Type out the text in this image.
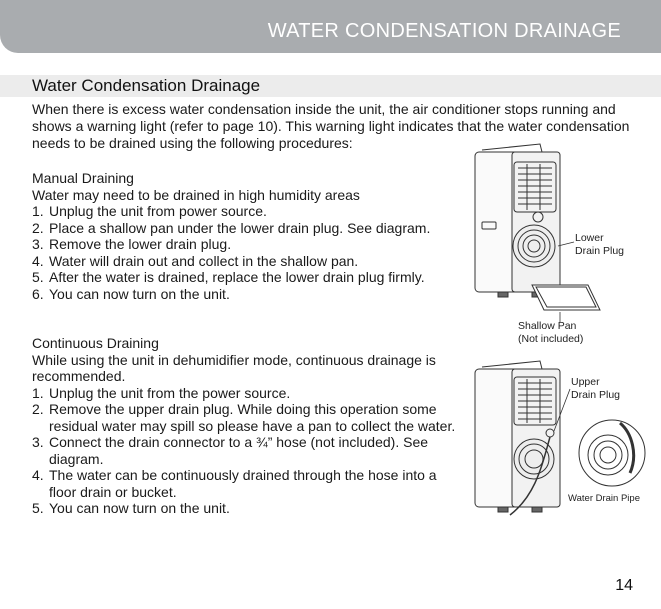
WATER CONDENSATION DRAINAGE
Water Condensation Drainage
When there is excess water condensation inside the unit, the air conditioner stops running and shows a warning light (refer to page 10). This warning light indicates that the water condensation needs to be drained using the following procedures:

Manual Draining

Water may need to be drained in high humidity areas

1. Unplug the unit from power source.
2. Place a shallow pan under the lower drain plug. See diagram.
3. Remove the lower drain plug.
4. Water will drain out and collect in the shallow pan.
5. After the water is drained, replace the lower drain plug firmly.
6. You can now turn on the unit.

Continuous Draining

While using the unit in dehumidifier mode, continuous drainage is recommended.

1. Unplug the unit from the power source.
2. Remove the upper drain plug. While doing this operation some residual water may spill so please have a pan to collect the water.
3. Connect the drain connector to a ¾” hose (not included). See diagram.
4. The water can be continuously drained through the hose into a floor drain or bucket.
5. You can now turn on the unit.
Lower
Drain Plug
Shallow Pan
(Not included)
Upper
Drain Plug
Water Drain Pipe
14
